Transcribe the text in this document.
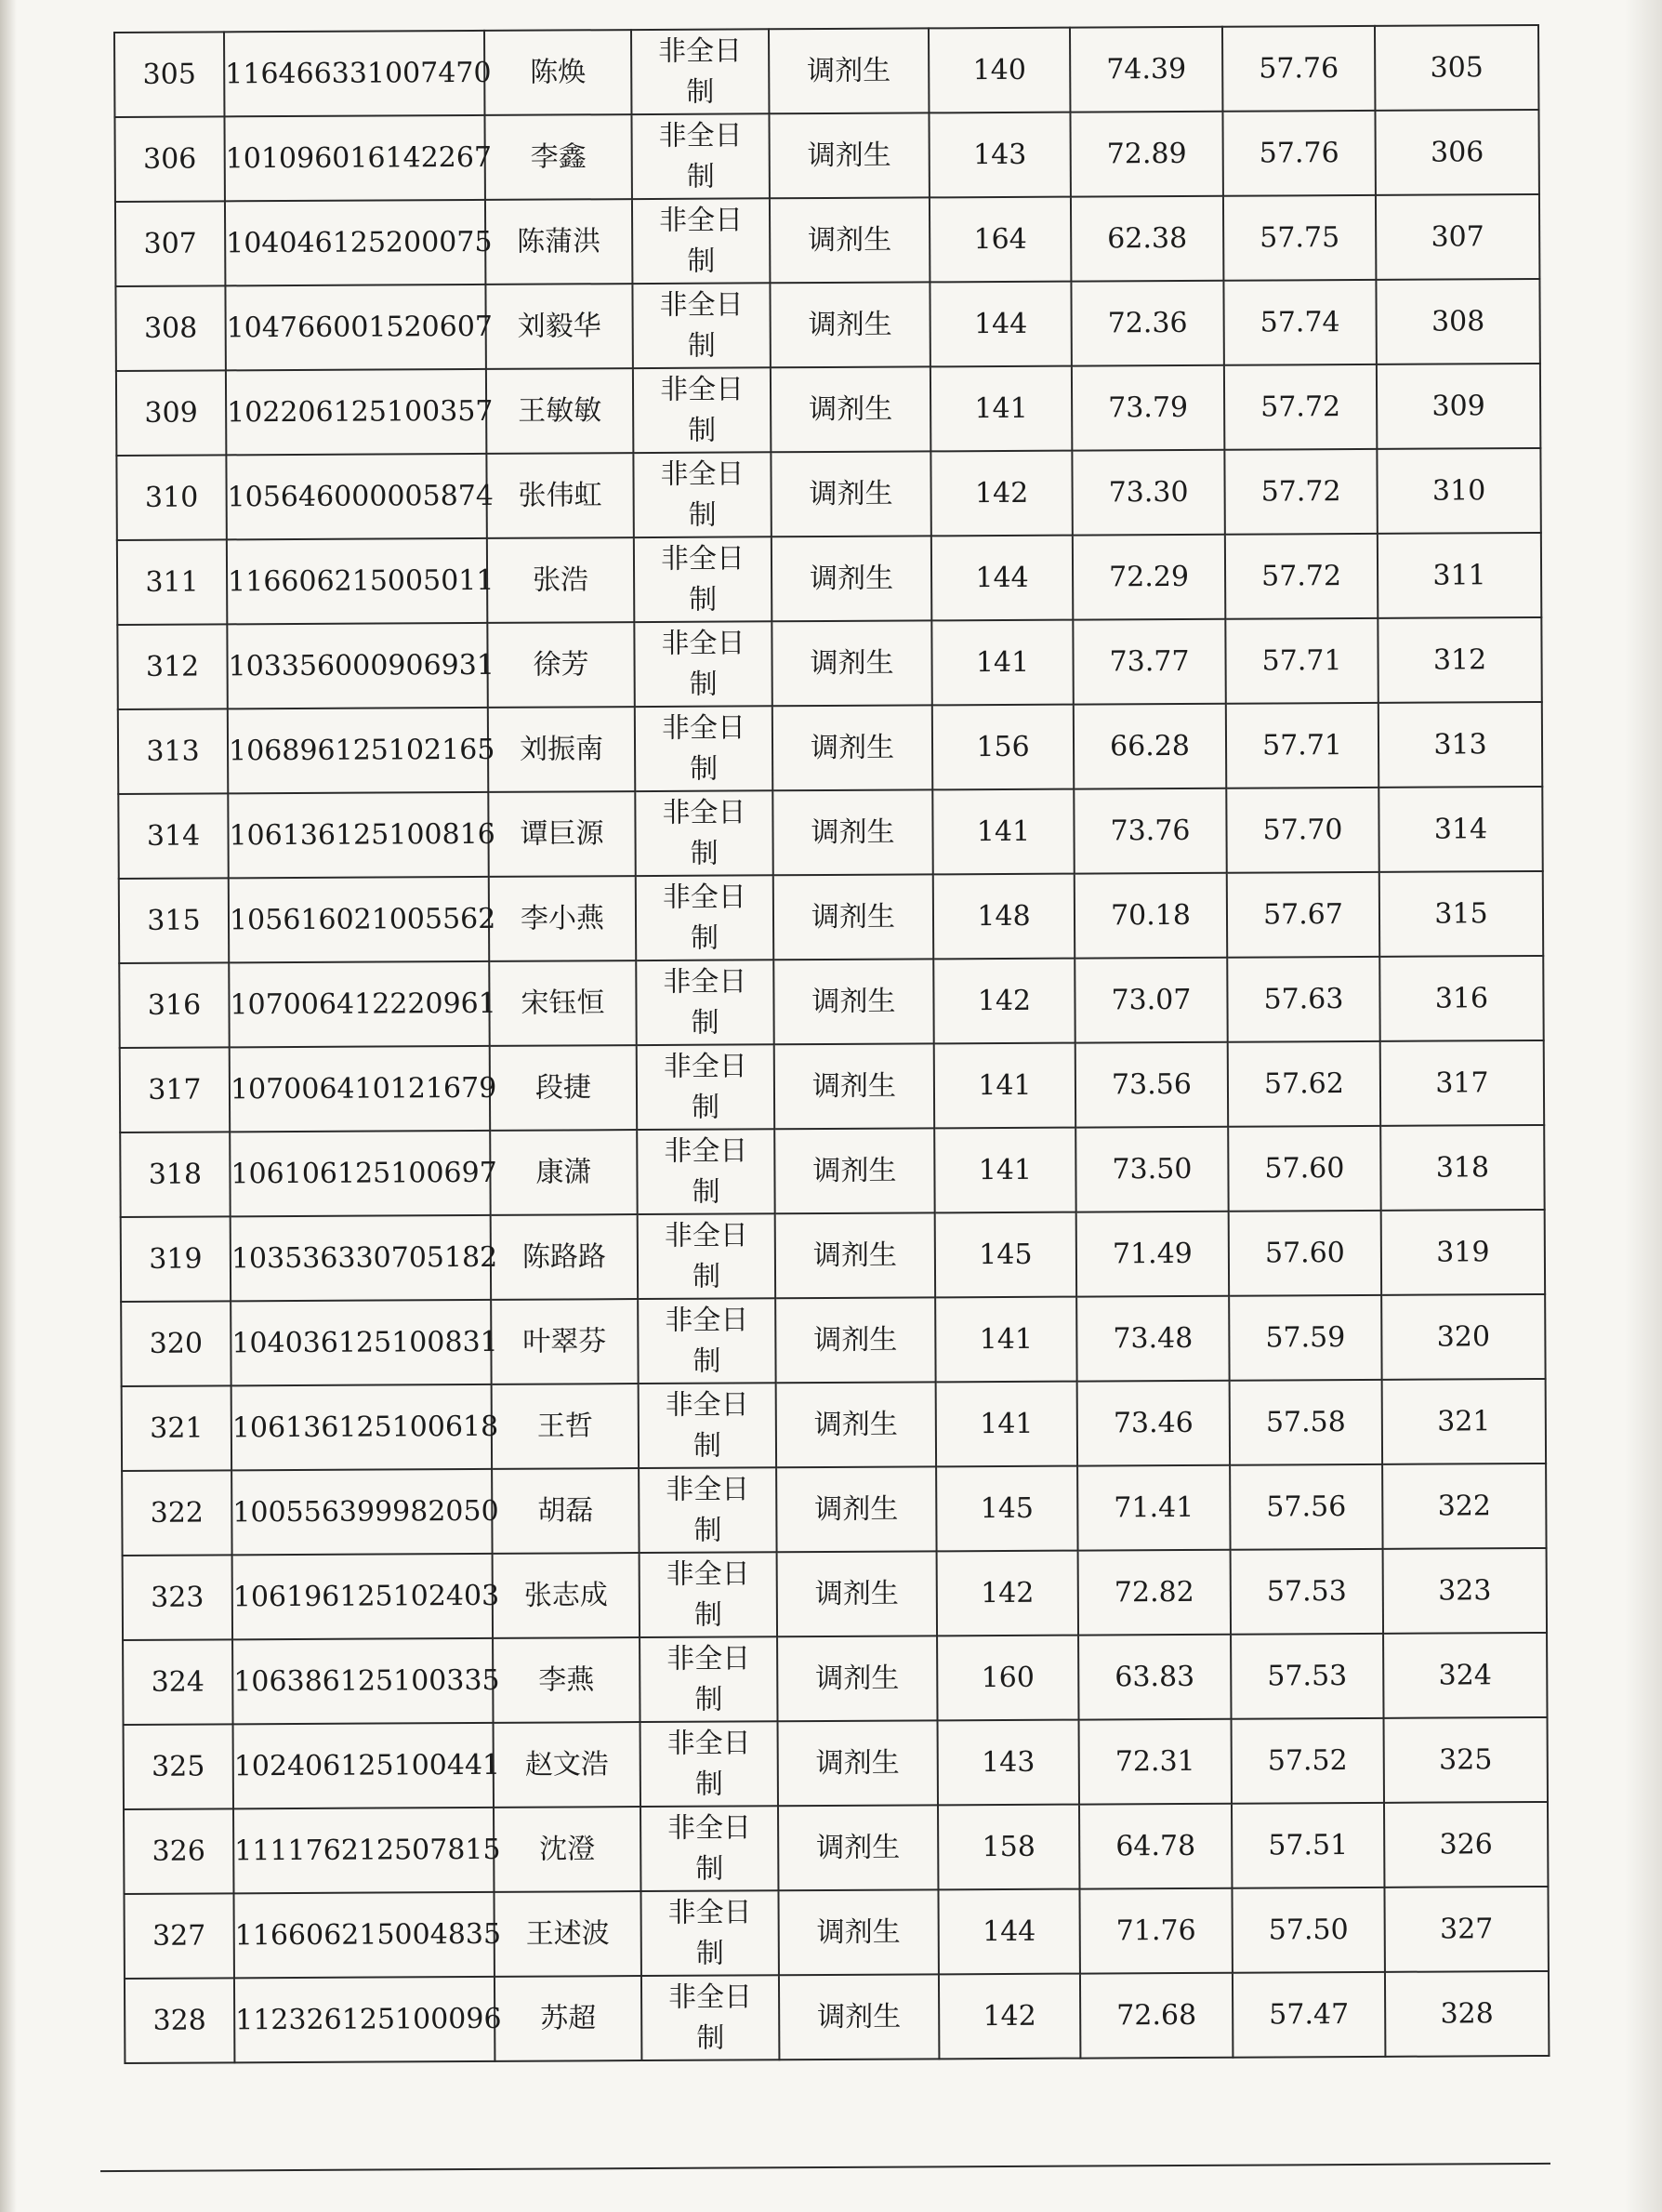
305	116466331007470	陈焕	非全日制	调剂生	140	74.39	57.76	305
306	101096016142267	李鑫	非全日制	调剂生	143	72.89	57.76	306
307	104046125200075	陈蒲洪	非全日制	调剂生	164	62.38	57.75	307
308	104766001520607	刘毅华	非全日制	调剂生	144	72.36	57.74	308
309	102206125100357	王敏敏	非全日制	调剂生	141	73.79	57.72	309
310	105646000005874	张伟虹	非全日制	调剂生	142	73.30	57.72	310
311	116606215005011	张浩	非全日制	调剂生	144	72.29	57.72	311
312	103356000906931	徐芳	非全日制	调剂生	141	73.77	57.71	312
313	106896125102165	刘振南	非全日制	调剂生	156	66.28	57.71	313
314	106136125100816	谭巨源	非全日制	调剂生	141	73.76	57.70	314
315	105616021005562	李小燕	非全日制	调剂生	148	70.18	57.67	315
316	107006412220961	宋钰恒	非全日制	调剂生	142	73.07	57.63	316
317	107006410121679	段捷	非全日制	调剂生	141	73.56	57.62	317
318	106106125100697	康潇	非全日制	调剂生	141	73.50	57.60	318
319	103536330705182	陈路路	非全日制	调剂生	145	71.49	57.60	319
320	104036125100831	叶翠芬	非全日制	调剂生	141	73.48	57.59	320
321	106136125100618	王哲	非全日制	调剂生	141	73.46	57.58	321
322	100556399982050	胡磊	非全日制	调剂生	145	71.41	57.56	322
323	106196125102403	张志成	非全日制	调剂生	142	72.82	57.53	323
324	106386125100335	李燕	非全日制	调剂生	160	63.83	57.53	324
325	102406125100441	赵文浩	非全日制	调剂生	143	72.31	57.52	325
326	111176212507815	沈澄	非全日制	调剂生	158	64.78	57.51	326
327	116606215004835	王述波	非全日制	调剂生	144	71.76	57.50	327
328	112326125100096	苏超	非全日制	调剂生	142	72.68	57.47	328
